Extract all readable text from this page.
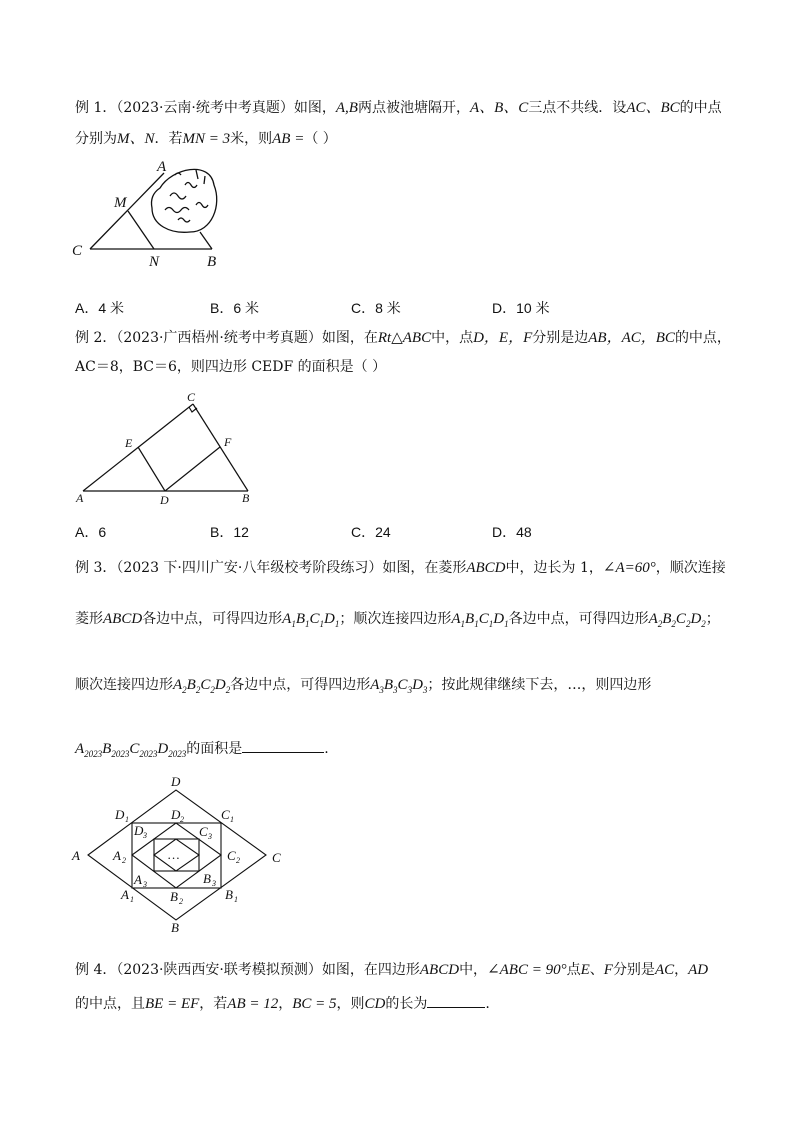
例 1．（2023·云南·统考中考真题）如图，A,B两点被池塘隔开，A、B、C三点不共线．设AC、BC的中点
分别为M、N．若MN = 3米，则AB =（ ）
A
M
C
N	B
C
E	F
A	D	B
D
A	C
B
D 1	C 1
A 1	B 1
D 2
A 2	C 2
B 2
D 3	C 3
A 3	B 3
…
A．4 米	B．6 米	C．8 米	D．10 米
例 2．（2023·广西梧州·统考中考真题）如图，在Rt△ABC中，点D，E，F分别是边AB，AC，BC的中点，
AC＝8，BC＝6，则四边形 CEDF 的面积是（ ）
A．6	B．12	C．24	D．48
例 3．（2023 下·四川广安·八年级校考阶段练习）如图，在菱形ABCD中，边长为 1，∠A=60°，顺次连接
菱形ABCD各边中点，可得四边形$A_1B_1C_1D_1$；顺次连接四边形$A_1B_1C_1D_1$各边中点，可得四边形$A_2B_2C_2D_2$；
顺次连接四边形$A_2B_2C_2D_2$各边中点，可得四边形$A_3B_3C_3D_3$；按此规律继续下去，…，则四边形
$A_{2023}B_{2023}C_{2023}D_{2023}$的面积是	.
例 4．（2023·陕西西安·联考模拟预测）如图，在四边形ABCD中，∠ABC = 90°点E、F分别是AC，AD
的中点，且BE = EF，若AB = 12，BC = 5，则CD的长为	.
